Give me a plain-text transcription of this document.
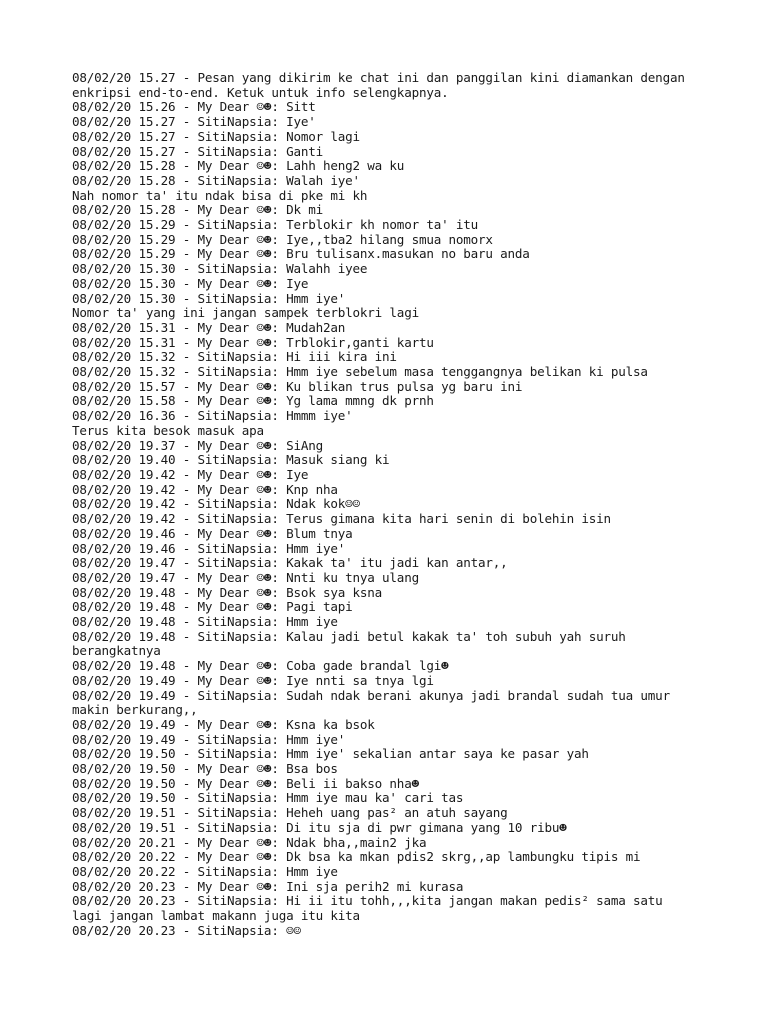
08/02/20 15.27 - Pesan yang dikirim ke chat ini dan panggilan kini diamankan dengan
enkripsi end-to-end. Ketuk untuk info selengkapnya.
08/02/20 15.26 - My Dear ☺☻: Sitt
08/02/20 15.27 - SitiNapsia: Iye'
08/02/20 15.27 - SitiNapsia: Nomor lagi
08/02/20 15.27 - SitiNapsia: Ganti
08/02/20 15.28 - My Dear ☺☻: Lahh heng2 wa ku
08/02/20 15.28 - SitiNapsia: Walah iye'
Nah nomor ta' itu ndak bisa di pke mi kh
08/02/20 15.28 - My Dear ☺☻: Dk mi
08/02/20 15.29 - SitiNapsia: Terblokir kh nomor ta' itu
08/02/20 15.29 - My Dear ☺☻: Iye,,tba2 hilang smua nomorx
08/02/20 15.29 - My Dear ☺☻: Bru tulisanx.masukan no baru anda
08/02/20 15.30 - SitiNapsia: Walahh iyee
08/02/20 15.30 - My Dear ☺☻: Iye
08/02/20 15.30 - SitiNapsia: Hmm iye'
Nomor ta' yang ini jangan sampek terblokri lagi
08/02/20 15.31 - My Dear ☺☻: Mudah2an
08/02/20 15.31 - My Dear ☺☻: Trblokir,ganti kartu
08/02/20 15.32 - SitiNapsia: Hi iii kira ini
08/02/20 15.32 - SitiNapsia: Hmm iye sebelum masa tenggangnya belikan ki pulsa
08/02/20 15.57 - My Dear ☺☻: Ku blikan trus pulsa yg baru ini
08/02/20 15.58 - My Dear ☺☻: Yg lama mmng dk prnh
08/02/20 16.36 - SitiNapsia: Hmmm iye'
Terus kita besok masuk apa
08/02/20 19.37 - My Dear ☺☻: SiAng
08/02/20 19.40 - SitiNapsia: Masuk siang ki
08/02/20 19.42 - My Dear ☺☻: Iye
08/02/20 19.42 - My Dear ☺☻: Knp nha
08/02/20 19.42 - SitiNapsia: Ndak kok☺☺
08/02/20 19.42 - SitiNapsia: Terus gimana kita hari senin di bolehin isin
08/02/20 19.46 - My Dear ☺☻: Blum tnya
08/02/20 19.46 - SitiNapsia: Hmm iye'
08/02/20 19.47 - SitiNapsia: Kakak ta' itu jadi kan antar,,
08/02/20 19.47 - My Dear ☺☻: Nnti ku tnya ulang
08/02/20 19.48 - My Dear ☺☻: Bsok sya ksna
08/02/20 19.48 - My Dear ☺☻: Pagi tapi
08/02/20 19.48 - SitiNapsia: Hmm iye
08/02/20 19.48 - SitiNapsia: Kalau jadi betul kakak ta' toh subuh yah suruh
berangkatnya
08/02/20 19.48 - My Dear ☺☻: Coba gade brandal lgi☻
08/02/20 19.49 - My Dear ☺☻: Iye nnti sa tnya lgi
08/02/20 19.49 - SitiNapsia: Sudah ndak berani akunya jadi brandal sudah tua umur
makin berkurang,,
08/02/20 19.49 - My Dear ☺☻: Ksna ka bsok
08/02/20 19.49 - SitiNapsia: Hmm iye'
08/02/20 19.50 - SitiNapsia: Hmm iye' sekalian antar saya ke pasar yah
08/02/20 19.50 - My Dear ☺☻: Bsa bos
08/02/20 19.50 - My Dear ☺☻: Beli ii bakso nha☻
08/02/20 19.50 - SitiNapsia: Hmm iye mau ka' cari tas
08/02/20 19.51 - SitiNapsia: Heheh uang pas² an atuh sayang
08/02/20 19.51 - SitiNapsia: Di itu sja di pwr gimana yang 10 ribu☻
08/02/20 20.21 - My Dear ☺☻: Ndak bha,,main2 jka
08/02/20 20.22 - My Dear ☺☻: Dk bsa ka mkan pdis2 skrg,,ap lambungku tipis mi
08/02/20 20.22 - SitiNapsia: Hmm iye
08/02/20 20.23 - My Dear ☺☻: Ini sja perih2 mi kurasa
08/02/20 20.23 - SitiNapsia: Hi ii itu tohh,,,kita jangan makan pedis² sama satu
lagi jangan lambat makann juga itu kita
08/02/20 20.23 - SitiNapsia: ☺☺
